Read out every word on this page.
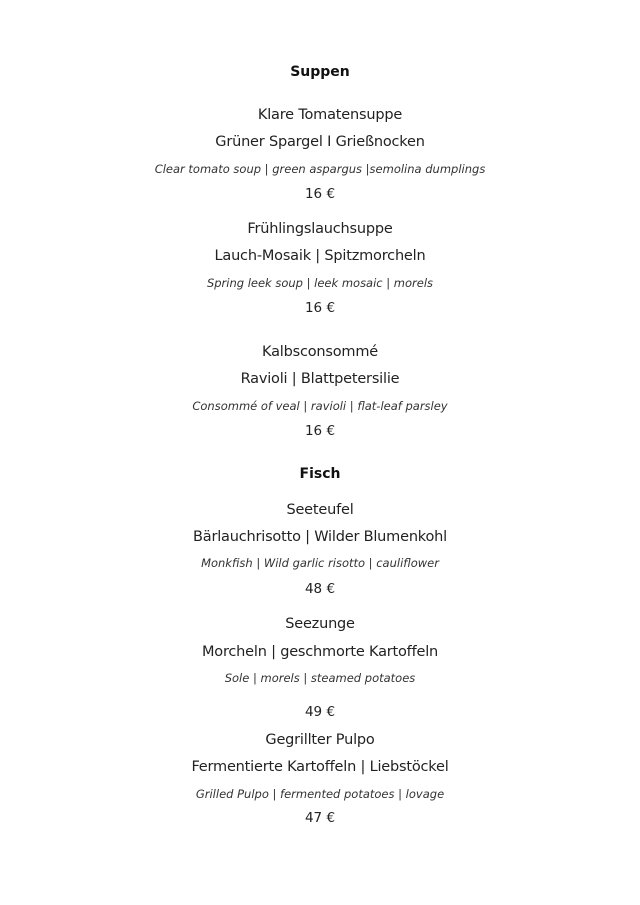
Suppen
Klare Tomatensuppe
Grüner Spargel I Grießnocken
Clear tomato soup | green aspargus |semolina dumplings
16 €
Frühlingslauchsuppe
Lauch-Mosaik | Spitzmorcheln
Spring leek soup | leek mosaic | morels
16 €
Kalbsconsommé
Ravioli | Blattpetersilie
Consommé of veal | ravioli | flat-leaf parsley
16 €
Fisch
Seeteufel
Bärlauchrisotto | Wilder Blumenkohl
Monkfish | Wild garlic risotto | cauliflower
48 €
Seezunge
Morcheln | geschmorte Kartoffeln
Sole | morels | steamed potatoes
49 €
Gegrillter Pulpo
Fermentierte Kartoffeln | Liebstöckel
Grilled Pulpo | fermented potatoes | lovage
47 €
